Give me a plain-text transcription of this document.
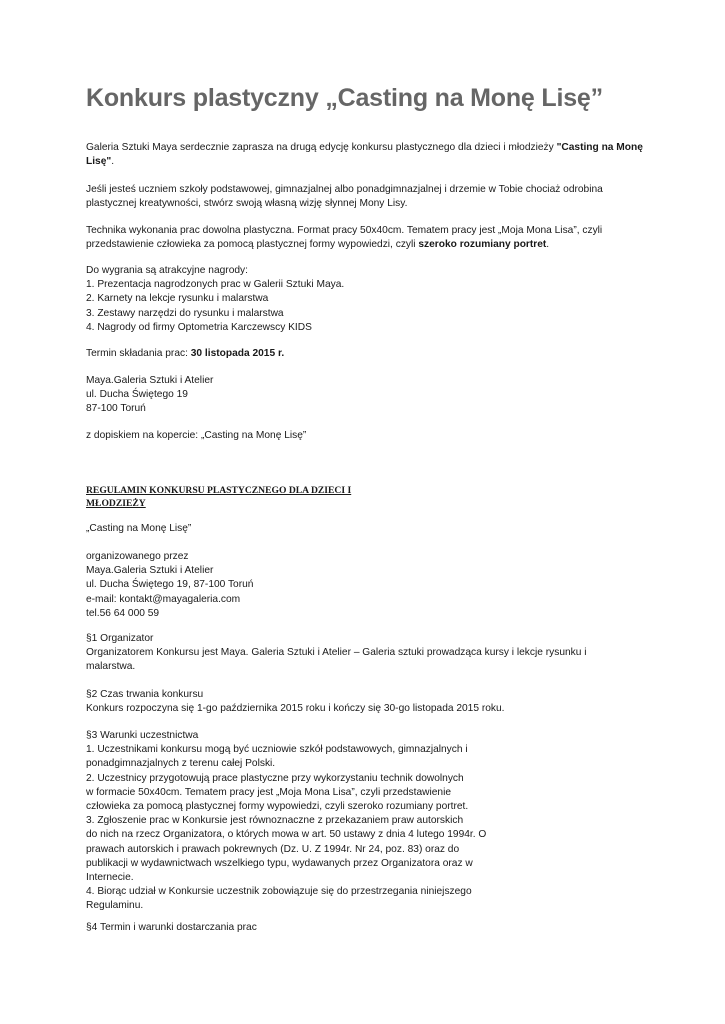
Konkurs plastyczny „Casting na Monę Lisę”

Galeria Sztuki Maya serdecznie zaprasza na drugą edycję konkursu plastycznego dla dzieci i młodzieży "Casting na Monę Lisę".

Jeśli jesteś uczniem szkoły podstawowej, gimnazjalnej albo ponadgimnazjalnej i drzemie w Tobie chociaż odrobina plastycznej kreatywności, stwórz swoją własną wizję słynnej Mony Lisy.

Technika wykonania prac dowolna plastyczna. Format pracy 50x40cm. Tematem pracy jest „Moja Mona Lisa”, czyli przedstawienie człowieka za pomocą plastycznej formy wypowiedzi, czyli szeroko rozumiany portret.

Do wygrania są atrakcyjne nagrody:
1. Prezentacja nagrodzonych prac w Galerii Sztuki Maya.
2. Karnety na lekcje rysunku i malarstwa
3. Zestawy narzędzi do rysunku i malarstwa
4. Nagrody od firmy Optometria Karczewscy KIDS

Termin składania prac: 30 listopada 2015 r.

Maya.Galeria Sztuki i Atelier
ul. Ducha Świętego 19
87-100 Toruń

z dopiskiem na kopercie: „Casting na Monę Lisę”

REGULAMIN KONKURSU PLASTYCZNEGO DLA DZIECI I MŁODZIEŻY

„Casting na Monę Lisę”

organizowanego przez
Maya.Galeria Sztuki i Atelier
ul. Ducha Świętego 19, 87-100 Toruń
e-mail: kontakt@mayagaleria.com
tel.56 64 000 59
§1 Organizator

Organizatorem Konkursu jest Maya. Galeria Sztuki i Atelier – Galeria sztuki prowadząca kursy i lekcje rysunku i malarstwa.

§2 Czas trwania konkursu
Konkurs rozpoczyna się 1-go października 2015 roku i kończy się 30-go listopada 2015 roku.
§3 Warunki uczestnictwa
1. Uczestnikami konkursu mogą być uczniowie szkół podstawowych, gimnazjalnych i
ponadgimnazjalnych z terenu całej Polski.
2. Uczestnicy przygotowują prace plastyczne przy wykorzystaniu technik dowolnych
w formacie 50x40cm. Tematem pracy jest „Moja Mona Lisa”, czyli przedstawienie
człowieka za pomocą plastycznej formy wypowiedzi, czyli szeroko rozumiany portret.
3. Zgłoszenie prac w Konkursie jest równoznaczne z przekazaniem praw autorskich
do nich na rzecz Organizatora, o których mowa w art. 50 ustawy z dnia 4 lutego 1994r. O
prawach autorskich i prawach pokrewnych (Dz. U. Z 1994r. Nr 24, poz. 83) oraz do
publikacji w wydawnictwach wszelkiego typu, wydawanych przez Organizatora oraz w
Internecie.
4. Biorąc udział w Konkursie uczestnik zobowiązuje się do przestrzegania niniejszego
Regulaminu.
§4 Termin i warunki dostarczania prac
